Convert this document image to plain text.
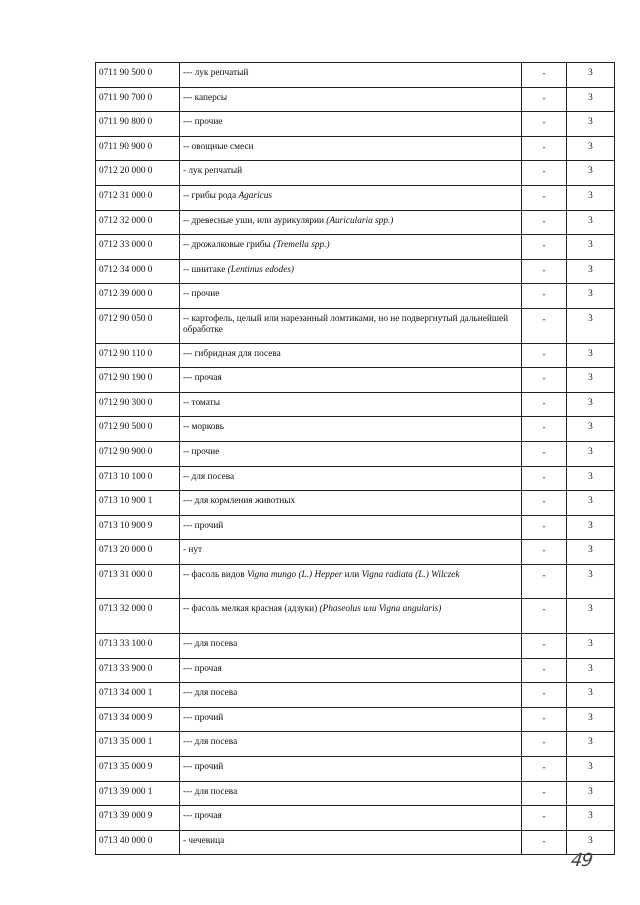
0711 90 500 0	--- лук репчатый	-	3
0711 90 700 0	--- каперсы	-	3
0711 90 800 0	--- прочие	-	3
0711 90 900 0	-- овощные смеси	-	3
0712 20 000 0	- лук репчатый	-	3
0712 31 000 0	-- грибы рода Agaricus	-	3
0712 32 000 0	-- древесные уши, или аурикулярии (Auricularia spp.)	-	3
0712 33 000 0	-- дрожалковые грибы (Tremella spp.)	-	3
0712 34 000 0	-- шиитаке (Lentinus edodes)	-	3
0712 39 000 0	-- прочие	-	3
0712 90 050 0	-- картофель, целый или нарезанный ломтиками, но не подвергнутый дальнейшей обработке	-	3
0712 90 110 0	--- гибридная для посева	-	3
0712 90 190 0	--- прочая	-	3
0712 90 300 0	-- томаты	-	3
0712 90 500 0	-- морковь	-	3
0712 90 900 0	-- прочие	-	3
0713 10 100 0	-- для посева	-	3
0713 10 900 1	--- для кормления животных	-	3
0713 10 900 9	--- прочий	-	3
0713 20 000 0	- нут	-	3
0713 31 000 0	-- фасоль видов Vigna mungo (L.) Hepper или Vigna radiata (L.) Wilczek	-	3
0713 32 000 0	-- фасоль мелкая красная (адзуки) (Phaseolus или Vigna angularis)	-	3
0713 33 100 0	--- для посева	-	3
0713 33 900 0	--- прочая	-	3
0713 34 000 1	--- для посева	-	3
0713 34 000 9	--- прочий	-	3
0713 35 000 1	--- для посева	-	3
0713 35 000 9	--- прочий	-	3
0713 39 000 1	--- для посева	-	3
0713 39 000 9	--- прочая	-	3
0713 40 000 0	- чечевица	-	3
49
